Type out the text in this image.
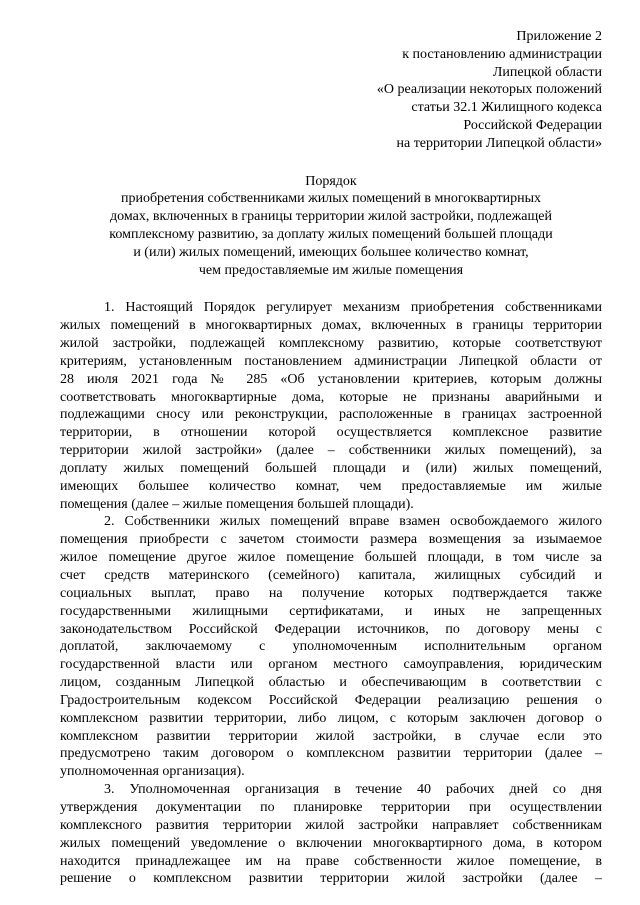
Приложение 2
к постановлению администрации
Липецкой области
«О реализации некоторых положений
статьи 32.1 Жилищного кодекса
Российской Федерации
на территории Липецкой области»
Порядок
приобретения собственниками жилых помещений в многоквартирных
домах, включенных в границы территории жилой застройки, подлежащей
комплексному развитию, за доплату жилых помещений большей площади
и (или) жилых помещений, имеющих большее количество комнат,
чем предоставляемые им жилые помещения
1. Настоящий Порядок регулирует механизм приобретения собственниками
жилых помещений в многоквартирных домах, включенных в границы территории
жилой застройки, подлежащей комплексному развитию, которые соответствуют
критериям, установленным постановлением администрации Липецкой области от
28 июля 2021 года № 285 «Об установлении критериев, которым должны
соответствовать многоквартирные дома, которые не признаны аварийными и
подлежащими сносу или реконструкции, расположенные в границах застроенной
территории, в отношении которой осуществляется комплексное развитие
территории жилой застройки» (далее – собственники жилых помещений), за
доплату жилых помещений большей площади и (или) жилых помещений,
имеющих большее количество комнат, чем предоставляемые им жилые
помещения (далее – жилые помещения большей площади).
2. Собственники жилых помещений вправе взамен освобождаемого жилого
помещения приобрести с зачетом стоимости размера возмещения за изымаемое
жилое помещение другое жилое помещение большей площади, в том числе за
счет средств материнского (семейного) капитала, жилищных субсидий и
социальных выплат, право на получение которых подтверждается также
государственными жилищными сертификатами, и иных не запрещенных
законодательством Российской Федерации источников, по договору мены с
доплатой, заключаемому с уполномоченным исполнительным органом
государственной власти или органом местного самоуправления, юридическим
лицом, созданным Липецкой областью и обеспечивающим в соответствии с
Градостроительным кодексом Российской Федерации реализацию решения о
комплексном развитии территории, либо лицом, с которым заключен договор о
комплексном развитии территории жилой застройки, в случае если это
предусмотрено таким договором о комплексном развитии территории (далее –
уполномоченная организация).
3. Уполномоченная организация в течение 40 рабочих дней со дня
утверждения документации по планировке территории при осуществлении
комплексного развития территории жилой застройки направляет собственникам
жилых помещений уведомление о включении многоквартирного дома, в котором
находится принадлежащее им на праве собственности жилое помещение, в
решение о комплексном развитии территории жилой застройки (далее –
